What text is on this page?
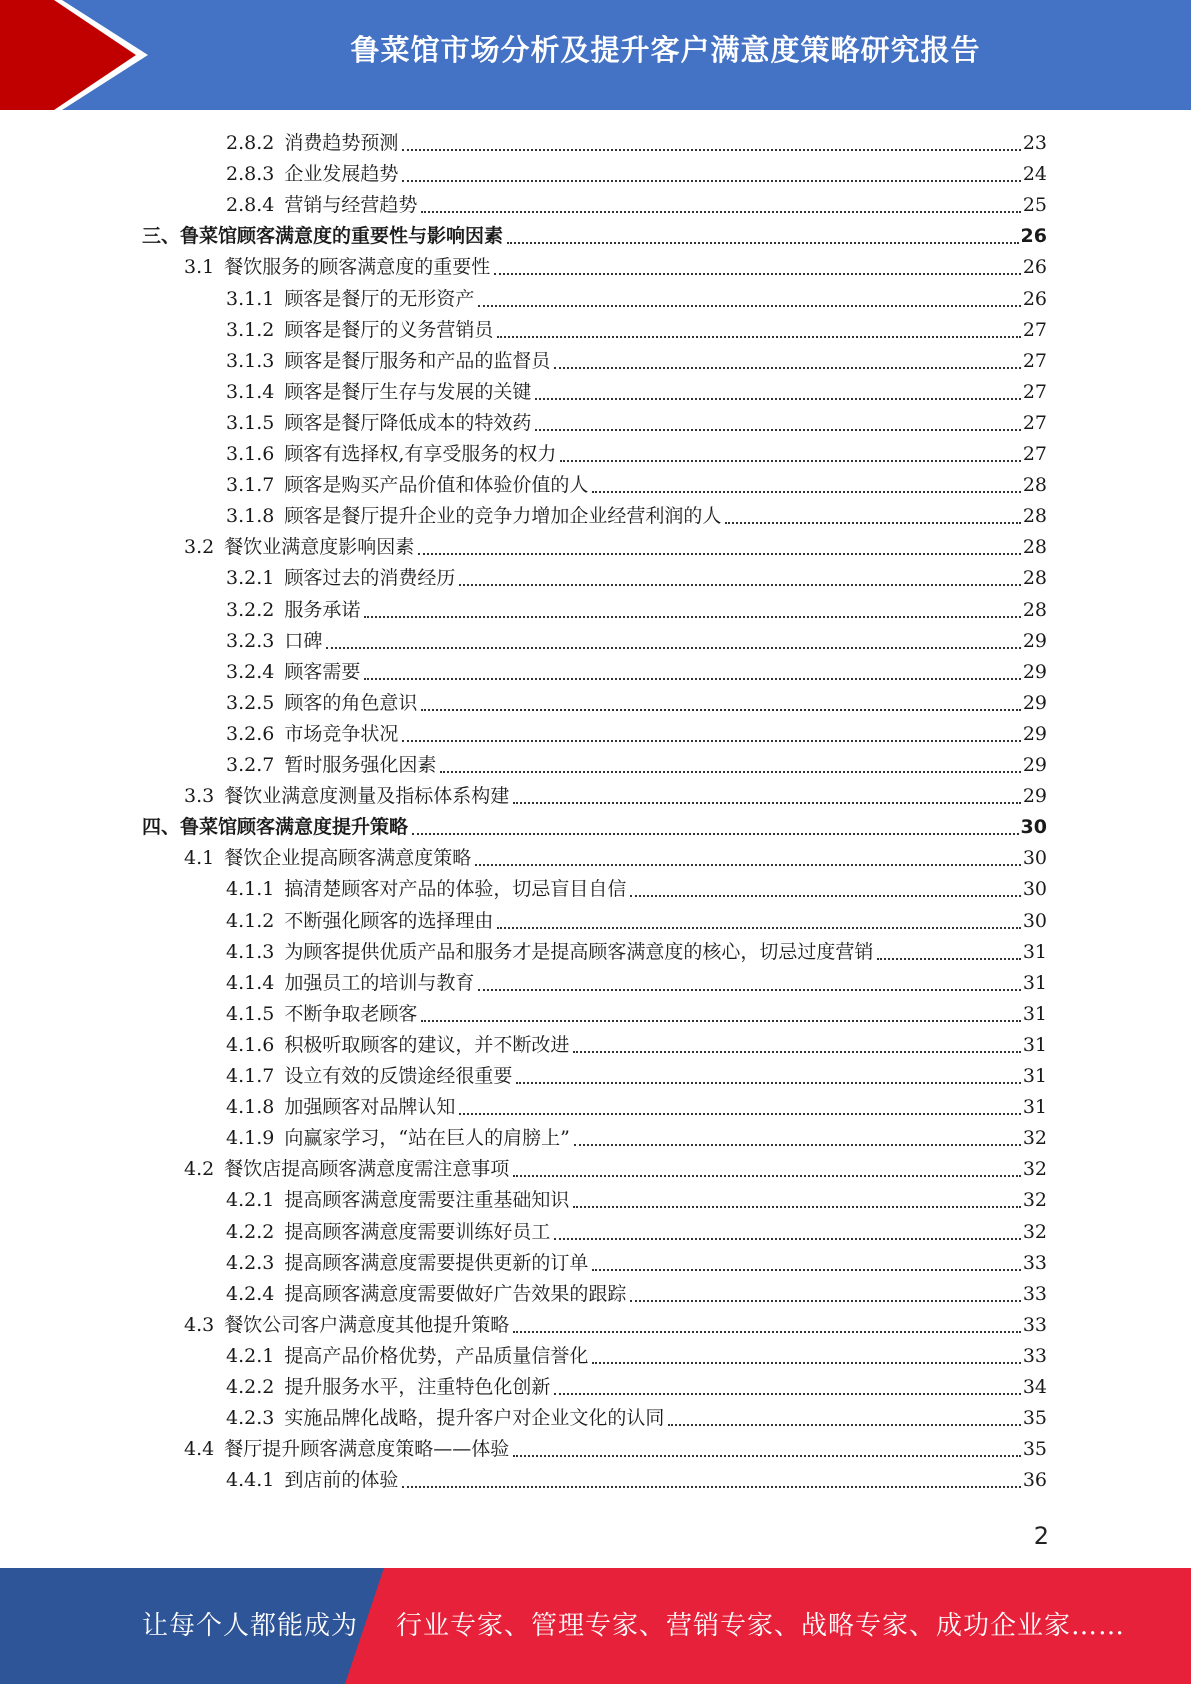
鲁菜馆市场分析及提升客户满意度策略研究报告
2.8.2 消费趋势预测	23
2.8.3 企业发展趋势	24
2.8.4 营销与经营趋势	25
三、鲁菜馆顾客满意度的重要性与影响因素	26
3.1 餐饮服务的顾客满意度的重要性	26
3.1.1 顾客是餐厅的无形资产	26
3.1.2 顾客是餐厅的义务营销员	27
3.1.3 顾客是餐厅服务和产品的监督员	27
3.1.4 顾客是餐厅生存与发展的关键	27
3.1.5 顾客是餐厅降低成本的特效药	27
3.1.6 顾客有选择权,有享受服务的权力	27
3.1.7 顾客是购买产品价值和体验价值的人	28
3.1.8 顾客是餐厅提升企业的竞争力增加企业经营利润的人	28
3.2 餐饮业满意度影响因素	28
3.2.1 顾客过去的消费经历	28
3.2.2 服务承诺	28
3.2.3 口碑	29
3.2.4 顾客需要	29
3.2.5 顾客的角色意识	29
3.2.6 市场竞争状况	29
3.2.7 暂时服务强化因素	29
3.3 餐饮业满意度测量及指标体系构建	29
四、鲁菜馆顾客满意度提升策略	30
4.1 餐饮企业提高顾客满意度策略	30
4.1.1 搞清楚顾客对产品的体验，切忌盲目自信	30
4.1.2 不断强化顾客的选择理由	30
4.1.3 为顾客提供优质产品和服务才是提高顾客满意度的核心，切忌过度营销	31
4.1.4 加强员工的培训与教育	31
4.1.5 不断争取老顾客	31
4.1.6 积极听取顾客的建议，并不断改进	31
4.1.7 设立有效的反馈途经很重要	31
4.1.8 加强顾客对品牌认知	31
4.1.9 向赢家学习，“站在巨人的肩膀上”	32
4.2 餐饮店提高顾客满意度需注意事项	32
4.2.1 提高顾客满意度需要注重基础知识	32
4.2.2 提高顾客满意度需要训练好员工	32
4.2.3 提高顾客满意度需要提供更新的订单	33
4.2.4 提高顾客满意度需要做好广告效果的跟踪	33
4.3 餐饮公司客户满意度其他提升策略	33
4.2.1 提高产品价格优势，产品质量信誉化	33
4.2.2 提升服务水平，注重特色化创新	34
4.2.3 实施品牌化战略，提升客户对企业文化的认同	35
4.4 餐厅提升顾客满意度策略——体验	35
4.4.1 到店前的体验	36
2
让每个人都能成为 行业专家、管理专家、营销专家、战略专家、成功企业家……
